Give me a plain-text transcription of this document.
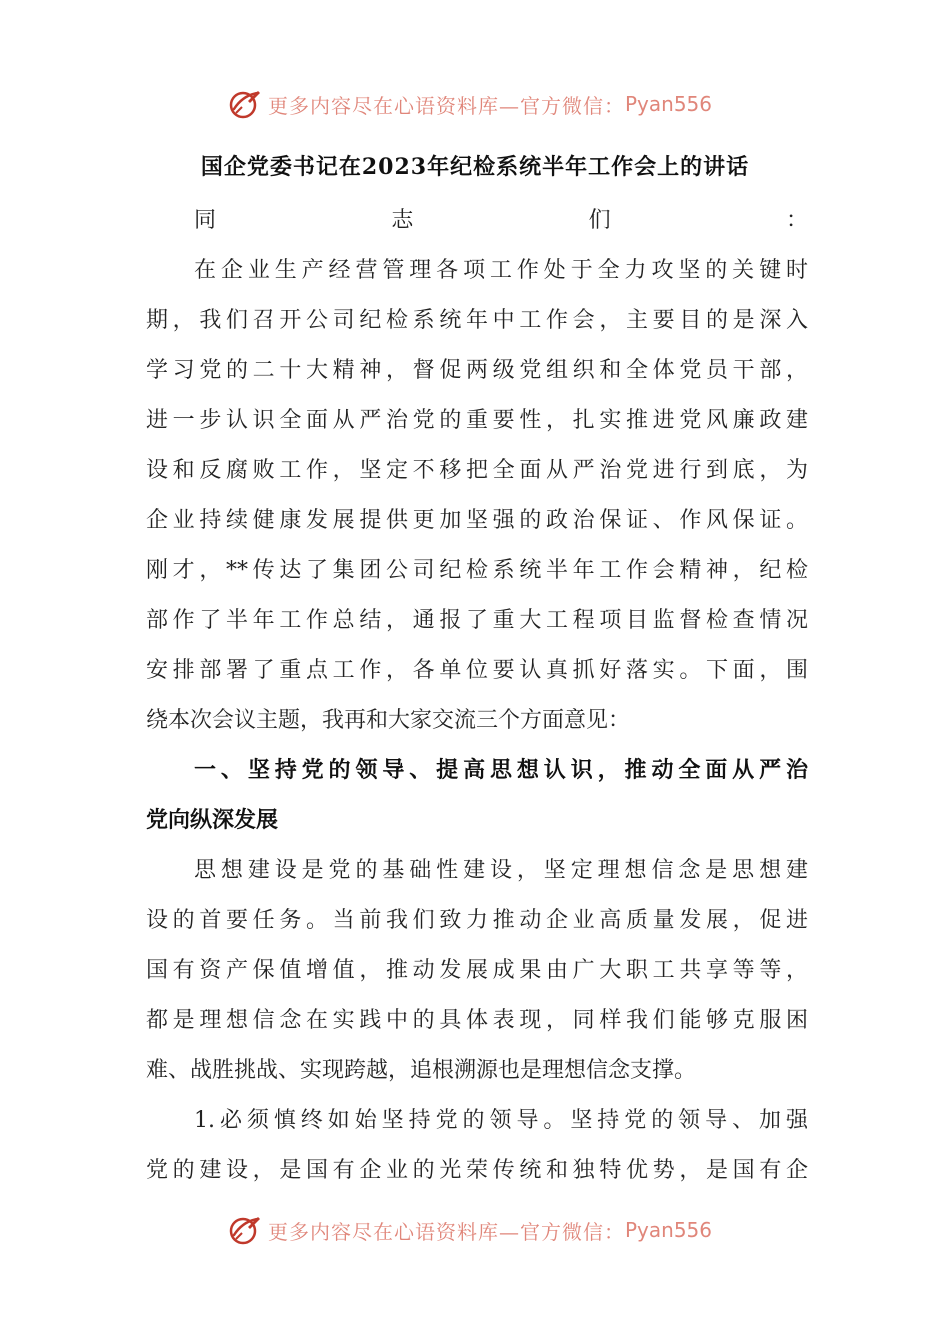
更多内容尽在心语资料库—官方微信： Pyan556
国企党委书记在2023年纪检系统半年工作会上的讲话
同志们：
在企业生产经营管理各项工作处于全力攻坚的关键时
期，我们召开公司纪检系统年中工作会，主要目的是深入
学习党的二十大精神，督促两级党组织和全体党员干部，
进一步认识全面从严治党的重要性，扎实推进党风廉政建
设和反腐败工作，坚定不移把全面从严治党进行到底，为
企业持续健康发展提供更加坚强的政治保证、作风保证。
刚才，**传达了集团公司纪检系统半年工作会精神，纪检
部作了半年工作总结，通报了重大工程项目监督检查情况
安排部署了重点工作，各单位要认真抓好落实。下面，围
绕本次会议主题，我再和大家交流三个方面意见：
一、坚持党的领导、提高思想认识，推动全面从严治
党向纵深发展
思想建设是党的基础性建设，坚定理想信念是思想建
设的首要任务。当前我们致力推动企业高质量发展，促进
国有资产保值增值，推动发展成果由广大职工共享等等，
都是理想信念在实践中的具体表现，同样我们能够克服困
难、战胜挑战、实现跨越，追根溯源也是理想信念支撑。
1.必须慎终如始坚持党的领导。坚持党的领导、加强
党的建设，是国有企业的光荣传统和独特优势，是国有企
更多内容尽在心语资料库—官方微信： Pyan556
